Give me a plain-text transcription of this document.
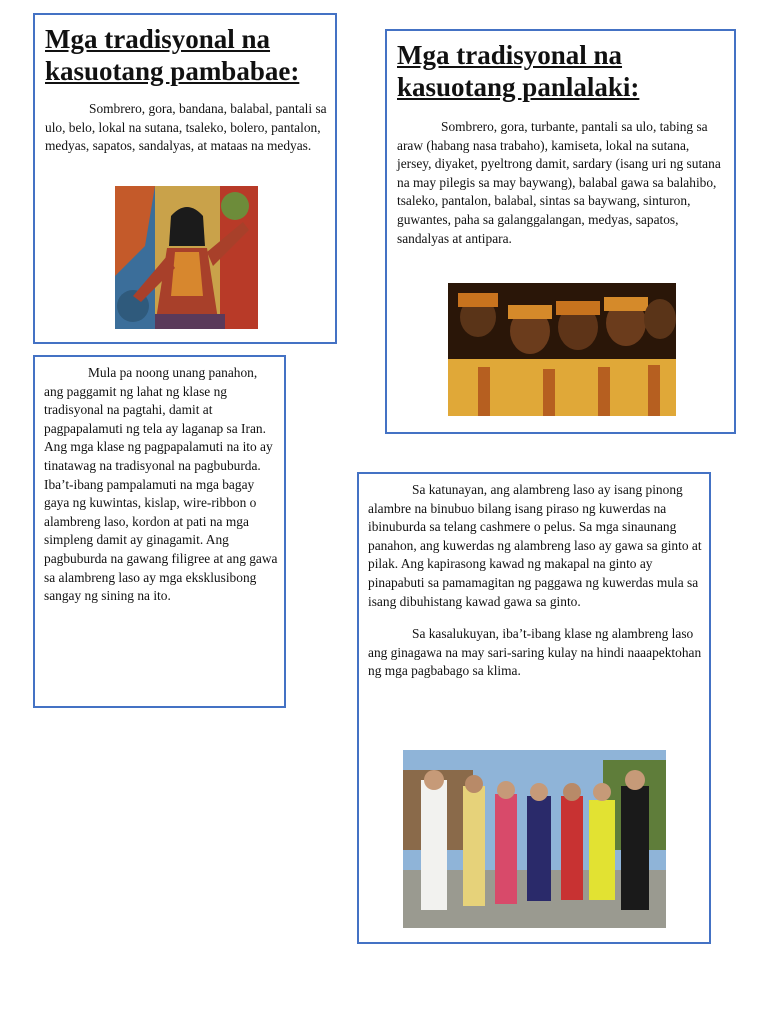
Mga tradisyonal na kasuotang pambabae:

Sombrero, gora, bandana, balabal, pantali sa ulo, belo, lokal na sutana, tsaleko, bolero, pantalon, medyas, sapatos, sandalyas, at mataas na medyas.

Mga tradisyonal na kasuotang panlalaki:

Sombrero, gora, turbante, pantali sa ulo, tabing sa araw (habang nasa trabaho), kamiseta, lokal na sutana, jersey, diyaket, pyeltrong damit, sardary (isang uri ng sutana na may pilegis sa may baywang), balabal gawa sa balahibo, tsaleko, pantalon, balabal, sintas sa baywang, sinturon, guwantes, paha sa galanggalangan, medyas, sapatos, sandalyas at antipara.

Mula pa noong unang panahon, ang paggamit ng lahat ng klase ng tradisyonal na pagtahi, damit at pagpapalamuti ng tela ay laganap sa Iran. Ang mga klase ng pagpapalamuti na ito ay tinatawag na tradisyonal na pagbuburda. Iba’t-ibang pampalamuti na mga bagay gaya ng kuwintas, kislap, wire-ribbon o alambreng laso, kordon at pati na mga simpleng damit ay ginagamit. Ang pagbuburda na gawang filigree at ang gawa sa alambreng laso ay mga eksklusibong sangay ng sining na ito.

Sa katunayan, ang alambreng laso ay isang pinong alambre na binubuo bilang isang piraso ng kuwerdas na ibinuburda sa telang cashmere o pelus. Sa mga sinaunang panahon, ang kuwerdas ng alambreng laso ay gawa sa ginto at pilak. Ang kapirasong kawad ng makapal na ginto ay pinapabuti sa pamamagitan ng paggawa ng kuwerdas mula sa isang dibuhistang kawad gawa sa ginto.

Sa kasalukuyan, iba’t-ibang klase ng alambreng laso ang ginagawa na may sari-saring kulay na hindi naaapektohan ng mga pagbabago sa klima.
